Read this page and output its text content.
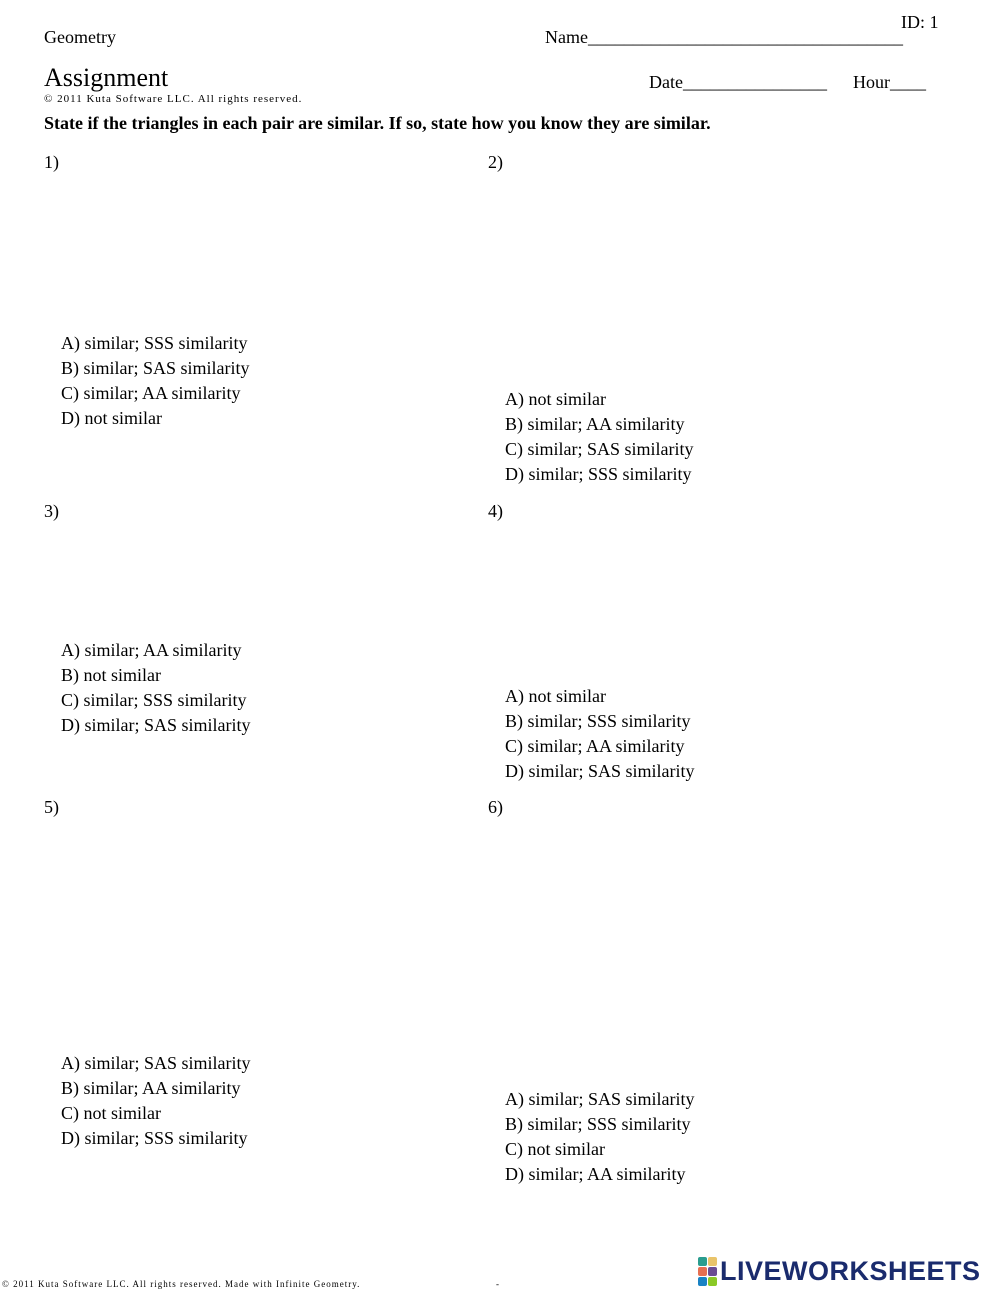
ID: 1
Geometry	Name___________________________________
Assignment	Date________________ Hour____
© 2011 Kuta Software LLC. All rights reserved.
State if the triangles in each pair are similar. If so, state how you know they are similar.
1)	2)
3)	4)
5)	6)
K
J
E	L
F
Q	P
C
E	D
68°
68°
M
U
L	T	K
77°
77°
41°
U
N	M
S	T
73°
71°
F
E	D
U
T	S
777	666
1147
527
306
358
F
L
E	K
J
A) similar; SSS similarity
B) similar; SAS similarity
C) similar; AA similarity
D) not similar
A) not similar
B) similar; AA similarity
C) similar; SAS similarity
D) similar; SSS similarity
A) similar; AA similarity
B) not similar
C) similar; SSS similarity
D) similar; SAS similarity
A) not similar
B) similar; SSS similarity
C) similar; AA similarity
D) similar; SAS similarity
A) similar; SAS similarity
B) similar; AA similarity
C) not similar
D) similar; SSS similarity
A) similar; SAS similarity
B) similar; SSS similarity
C) not similar
D) similar; AA similarity
© 2011 Kuta Software LLC. All rights reserved. Made with Infinite Geometry.	-	LIVEWORKSHEETS
